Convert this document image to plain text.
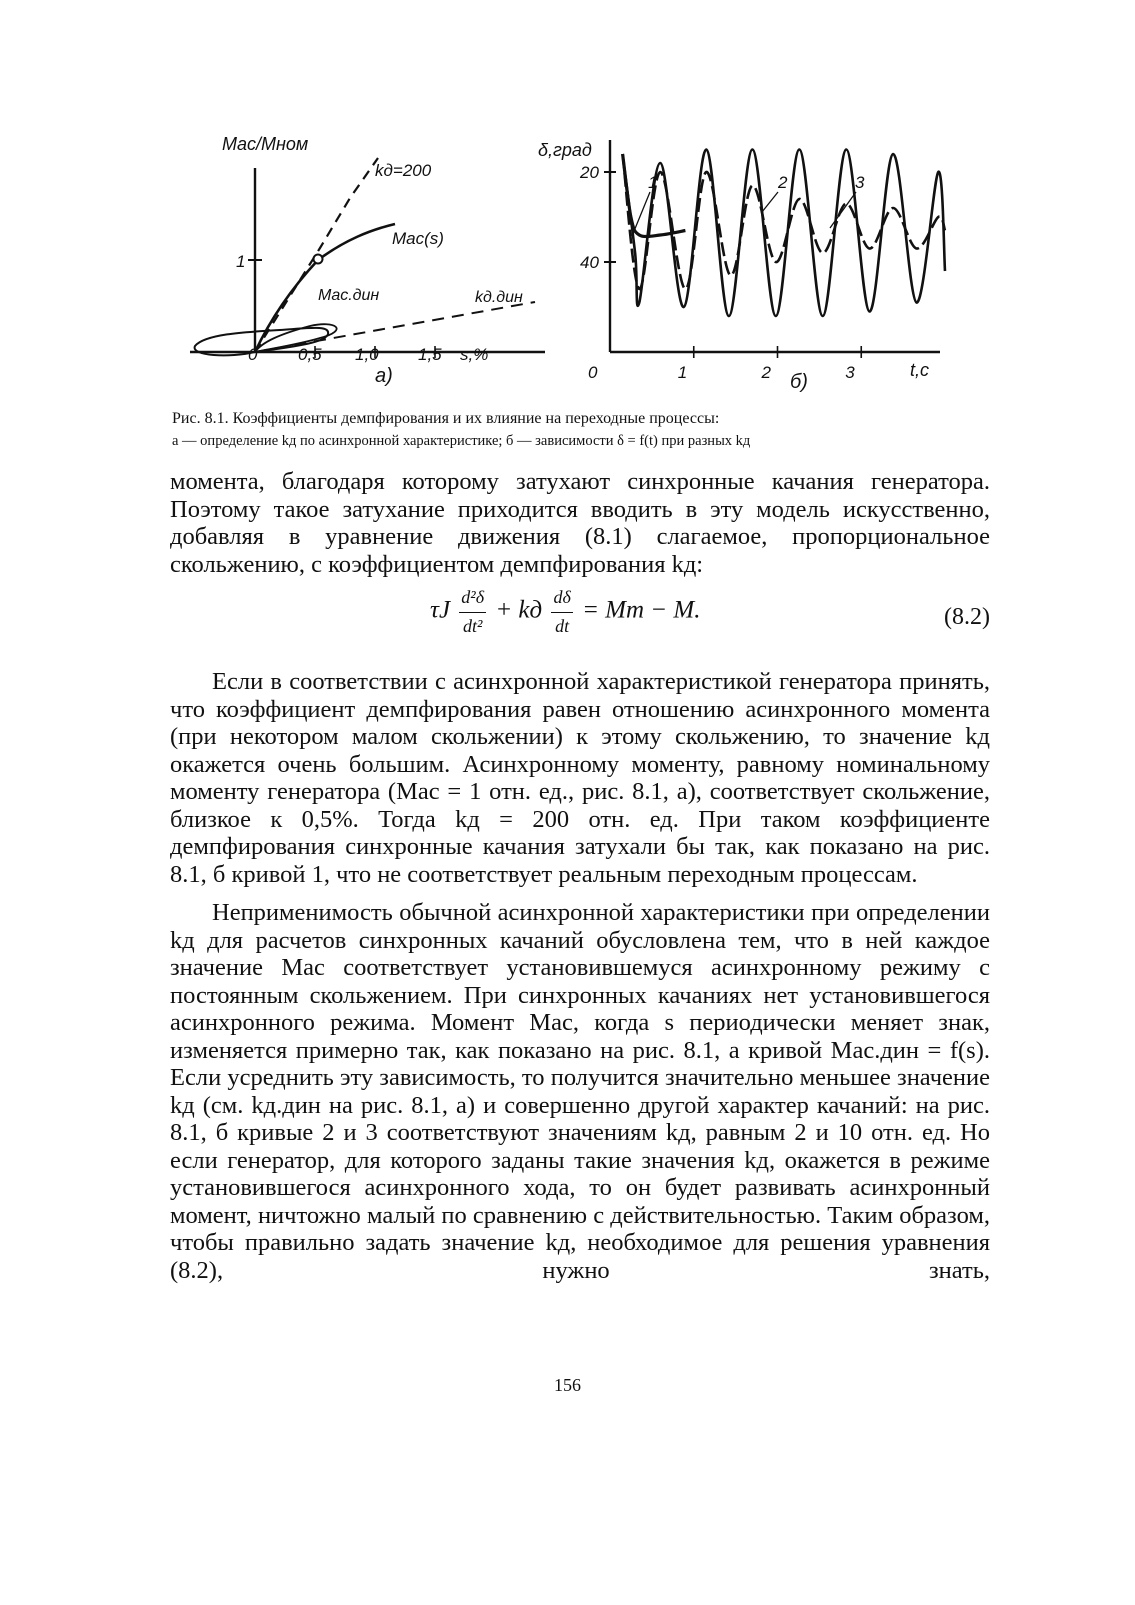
Mас/Mном
1
0 0,5 1,0 1,5 s,%
kд=200
Mас(s)
Mас.дин	kд.дин
а)
δ,град
40
20
0	1	2	3
1	2	3
t,с
б)
Рис. 8.1. Коэффициенты демпфирования и их влияние на переходные процессы:
а — определение kд по асинхронной характеристике; б — зависимости δ = f(t) при разных kд

момента, благодаря которому затухают синхронные качания генератора. Поэтому такое затухание приходится вводить в эту модель искусственно, добавляя в уравнение движения (8.1) слагаемое, пропорциональное скольжению, с коэффициентом демпфирования kд:

τJ $\frac{\text{d²δ}}{\text{dt²}}$ + kд $\frac{d\delta}{dt}$ = Mт − M.	(8.2)

Если в соответствии с асинхронной характеристикой генератора принять, что коэффициент демпфирования равен отношению асинхронного момента (при некотором малом скольжении) к этому скольжению, то значение kд окажется очень большим. Асинхронному моменту, равному номинальному моменту генератора (Mас = 1 отн. ед., рис. 8.1, а), соответствует скольжение, близкое к 0,5%. Тогда kд = 200 отн. ед. При таком коэффициенте демпфирования синхронные качания затухали бы так, как показано на рис. 8.1, б кривой 1, что не соответствует реальным переходным процессам.

Неприменимость обычной асинхронной характеристики при определении kд для расчетов синхронных качаний обусловлена тем, что в ней каждое значение Mас соответствует установившемуся асинхронному режиму с постоянным скольжением. При синхронных качаниях нет установившегося асинхронного режима. Момент Mас, когда s периодически меняет знак, изменяется примерно так, как показано на рис. 8.1, а кривой Mас.дин = f(s). Если усреднить эту зависимость, то получится значительно меньшее значение kд (см. kд.дин на рис. 8.1, а) и совершенно другой характер качаний: на рис. 8.1, б кривые 2 и 3 соответствуют значениям kд, равным 2 и 10 отн. ед. Но если генератор, для которого заданы такие значения kд, окажется в режиме установившегося асинхронного хода, то он будет развивать асинхронный момент, ничтожно малый по сравнению с действительностью. Таким образом, чтобы правильно задать значение kд, необходимое для решения уравнения (8.2), нужно знать,

156
